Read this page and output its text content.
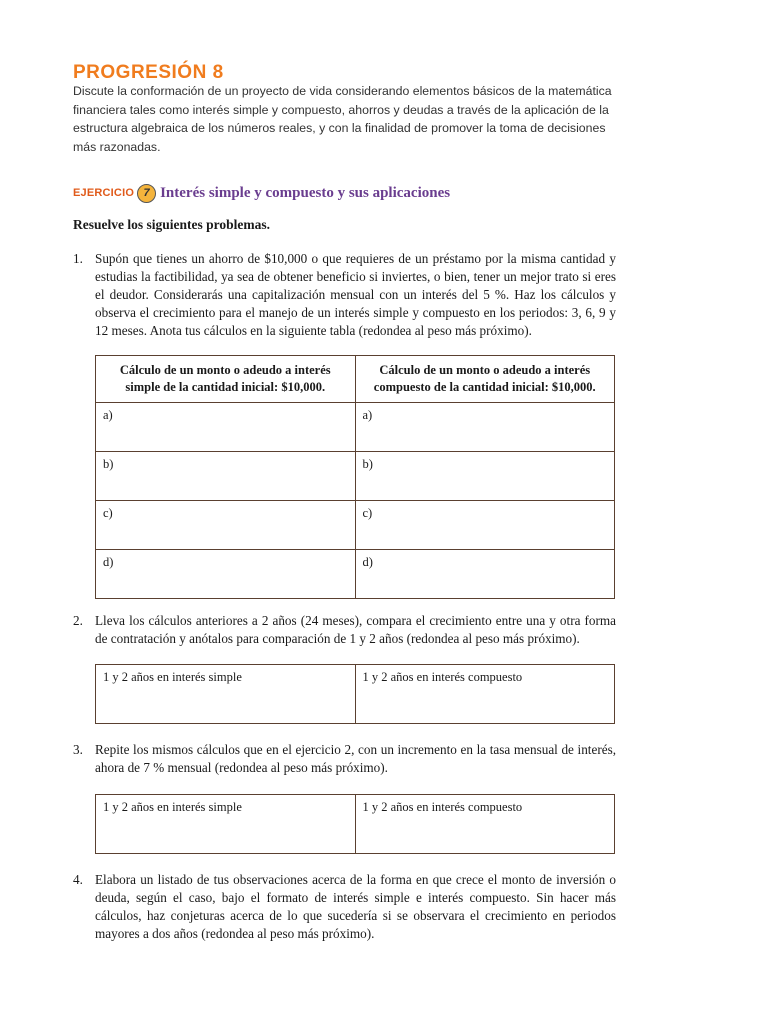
PROGRESIÓN 8

Discute la conformación de un proyecto de vida considerando elementos básicos de la matemática financiera tales como interés simple y compuesto, ahorros y deudas a través de la aplicación de la estructura algebraica de los números reales, y con la finalidad de promover la toma de decisiones más razonadas.

EJERCICIO 7 Interés simple y compuesto y sus aplicaciones

Resuelve los siguientes problemas.

1. Supón que tienes un ahorro de $10,000 o que requieres de un préstamo por la misma cantidad y estudias la factibilidad, ya sea de obtener beneficio si inviertes, o bien, tener un mejor trato si eres el deudor. Considerarás una capitalización mensual con un interés del 5 %. Haz los cálculos y observa el crecimiento para el manejo de un interés simple y compuesto en los periodos: 3, 6, 9 y 12 meses. Anota tus cálculos en la siguiente tabla (redondea al peso más próximo).
Cálculo de un monto o adeudo a interés simple de la cantidad inicial: $10,000.	Cálculo de un monto o adeudo a interés compuesto de la cantidad inicial: $10,000.
a)	a)
b)	b)
c)	c)
d)	d)
2. Lleva los cálculos anteriores a 2 años (24 meses), compara el crecimiento entre una y otra forma de contratación y anótalos para comparación de 1 y 2 años (redondea al peso más próximo).
1 y 2 años en interés simple	1 y 2 años en interés compuesto
3. Repite los mismos cálculos que en el ejercicio 2, con un incremento en la tasa mensual de interés, ahora de 7 % mensual (redondea al peso más próximo).
1 y 2 años en interés simple	1 y 2 años en interés compuesto
4. Elabora un listado de tus observaciones acerca de la forma en que crece el monto de inversión o deuda, según el caso, bajo el formato de interés simple e interés compuesto. Sin hacer más cálculos, haz conjeturas acerca de lo que sucedería si se observara el crecimiento en periodos mayores a dos años (redondea al peso más próximo).
